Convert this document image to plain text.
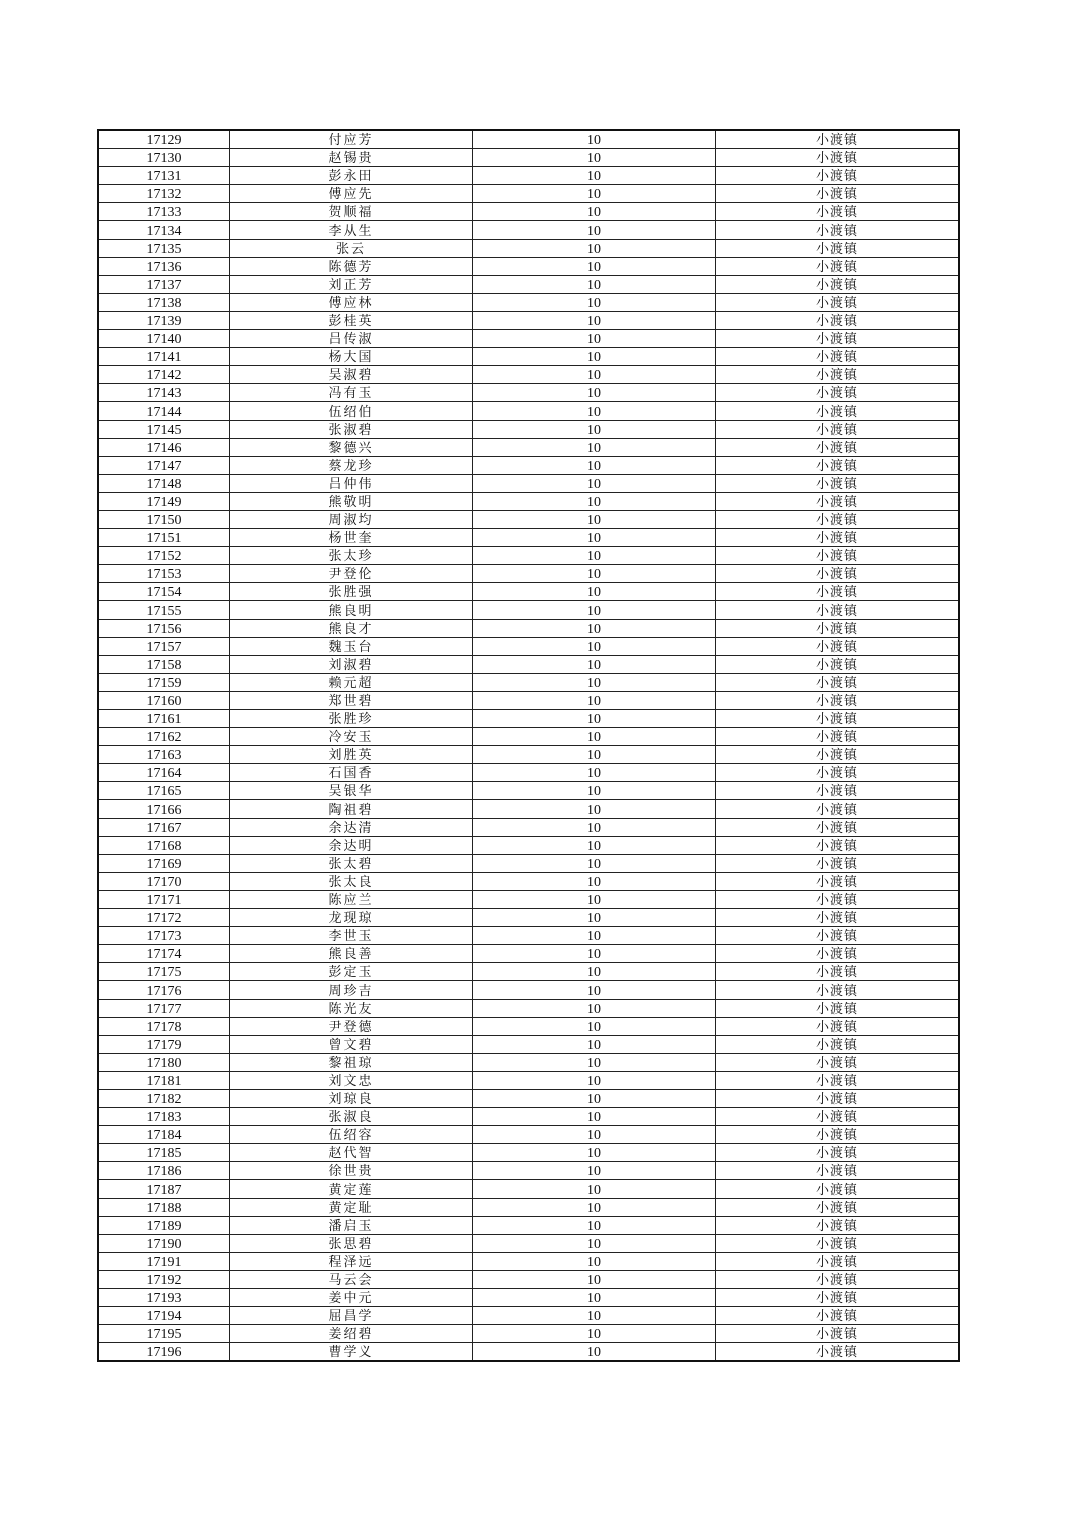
17129	付应芳	10	小渡镇
17130	赵锡贵	10	小渡镇
17131	彭永田	10	小渡镇
17132	傅应先	10	小渡镇
17133	贺顺福	10	小渡镇
17134	李从生	10	小渡镇
17135	张云	10	小渡镇
17136	陈德芳	10	小渡镇
17137	刘正芳	10	小渡镇
17138	傅应林	10	小渡镇
17139	彭桂英	10	小渡镇
17140	吕传淑	10	小渡镇
17141	杨大国	10	小渡镇
17142	吴淑碧	10	小渡镇
17143	冯有玉	10	小渡镇
17144	伍绍伯	10	小渡镇
17145	张淑碧	10	小渡镇
17146	黎德兴	10	小渡镇
17147	蔡龙珍	10	小渡镇
17148	吕仲伟	10	小渡镇
17149	熊敬明	10	小渡镇
17150	周淑均	10	小渡镇
17151	杨世奎	10	小渡镇
17152	张太珍	10	小渡镇
17153	尹登伦	10	小渡镇
17154	张胜强	10	小渡镇
17155	熊良明	10	小渡镇
17156	熊良才	10	小渡镇
17157	魏玉台	10	小渡镇
17158	刘淑碧	10	小渡镇
17159	赖元超	10	小渡镇
17160	郑世碧	10	小渡镇
17161	张胜珍	10	小渡镇
17162	冷安玉	10	小渡镇
17163	刘胜英	10	小渡镇
17164	石国香	10	小渡镇
17165	吴银华	10	小渡镇
17166	陶祖碧	10	小渡镇
17167	余达清	10	小渡镇
17168	余达明	10	小渡镇
17169	张太碧	10	小渡镇
17170	张太良	10	小渡镇
17171	陈应兰	10	小渡镇
17172	龙现琼	10	小渡镇
17173	李世玉	10	小渡镇
17174	熊良善	10	小渡镇
17175	彭定玉	10	小渡镇
17176	周珍吉	10	小渡镇
17177	陈光友	10	小渡镇
17178	尹登德	10	小渡镇
17179	曾文碧	10	小渡镇
17180	黎祖琼	10	小渡镇
17181	刘文忠	10	小渡镇
17182	刘琼良	10	小渡镇
17183	张淑良	10	小渡镇
17184	伍绍容	10	小渡镇
17185	赵代智	10	小渡镇
17186	徐世贵	10	小渡镇
17187	黄定莲	10	小渡镇
17188	黄定耻	10	小渡镇
17189	潘启玉	10	小渡镇
17190	张思碧	10	小渡镇
17191	程泽远	10	小渡镇
17192	马云会	10	小渡镇
17193	姜中元	10	小渡镇
17194	屈昌学	10	小渡镇
17195	姜绍碧	10	小渡镇
17196	曹学义	10	小渡镇
